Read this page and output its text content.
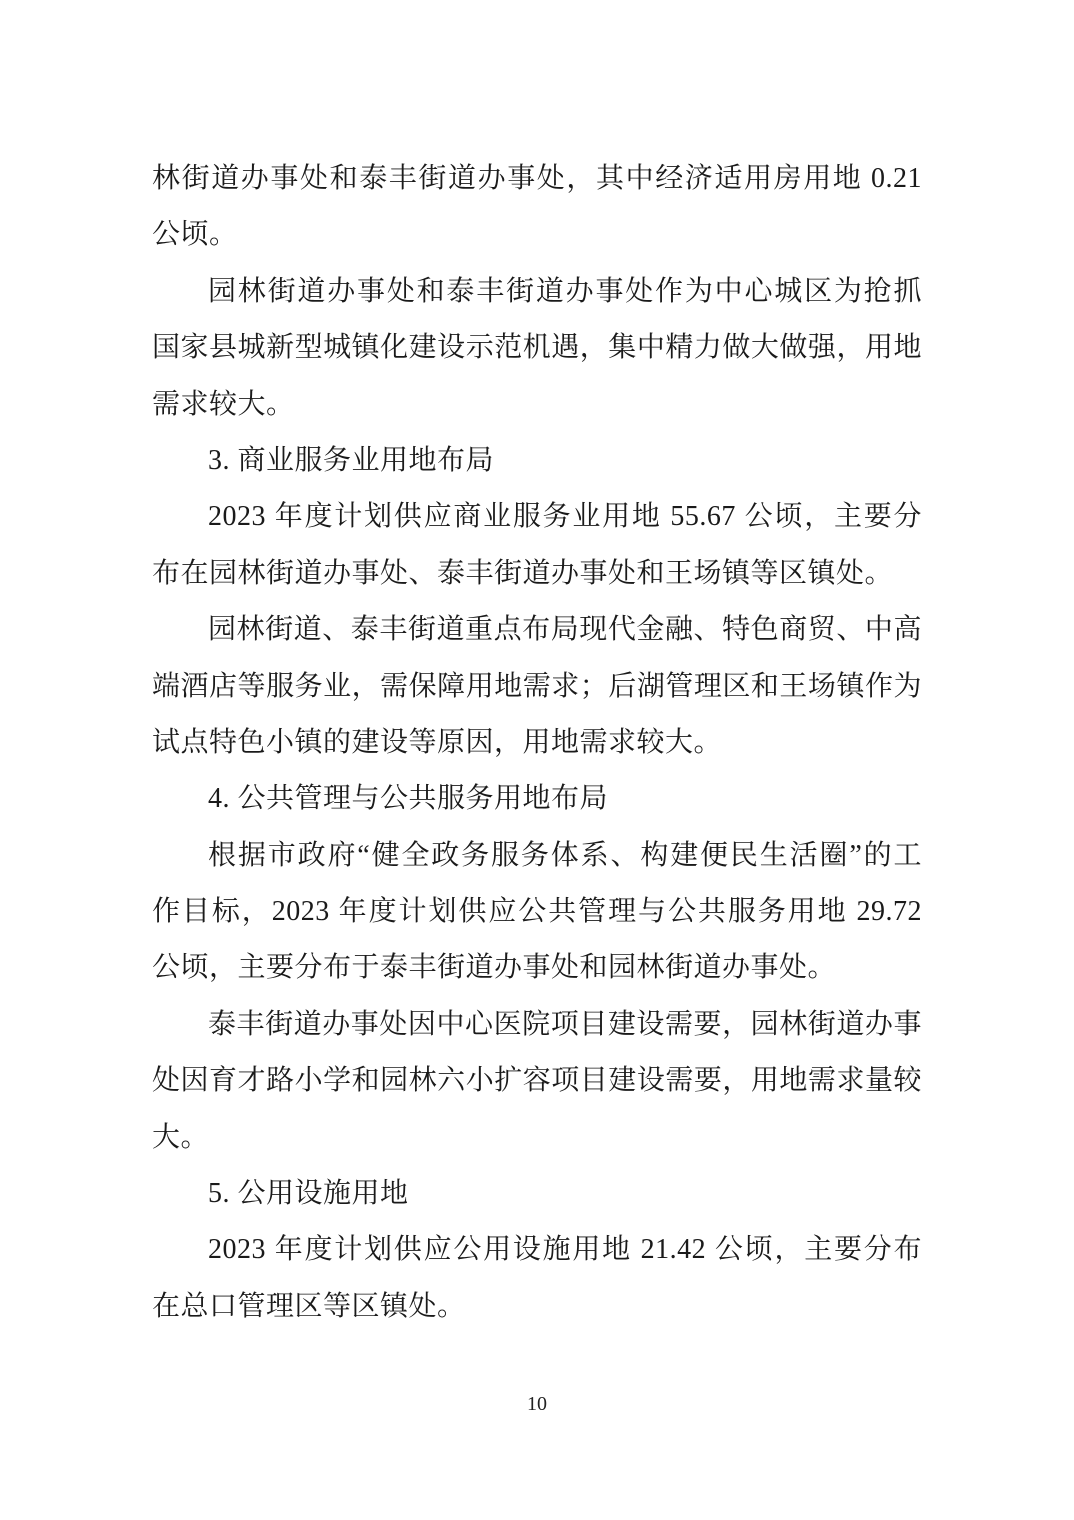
林街道办事处和泰丰街道办事处，其中经济适用房用地 0.21
公顷。
园林街道办事处和泰丰街道办事处作为中心城区为抢抓
国家县城新型城镇化建设示范机遇，集中精力做大做强，用地
需求较大。
3. 商业服务业用地布局
2023 年度计划供应商业服务业用地 55.67 公顷，主要分
布在园林街道办事处、泰丰街道办事处和王场镇等区镇处。
园林街道、泰丰街道重点布局现代金融、特色商贸、中高
端酒店等服务业，需保障用地需求；后湖管理区和王场镇作为
试点特色小镇的建设等原因，用地需求较大。
4. 公共管理与公共服务用地布局
根据市政府“健全政务服务体系、构建便民生活圈”的工
作目标，2023 年度计划供应公共管理与公共服务用地 29.72
公顷，主要分布于泰丰街道办事处和园林街道办事处。
泰丰街道办事处因中心医院项目建设需要，园林街道办事
处因育才路小学和园林六小扩容项目建设需要，用地需求量较
大。
5. 公用设施用地
2023 年度计划供应公用设施用地 21.42 公顷，主要分布
在总口管理区等区镇处。
10
